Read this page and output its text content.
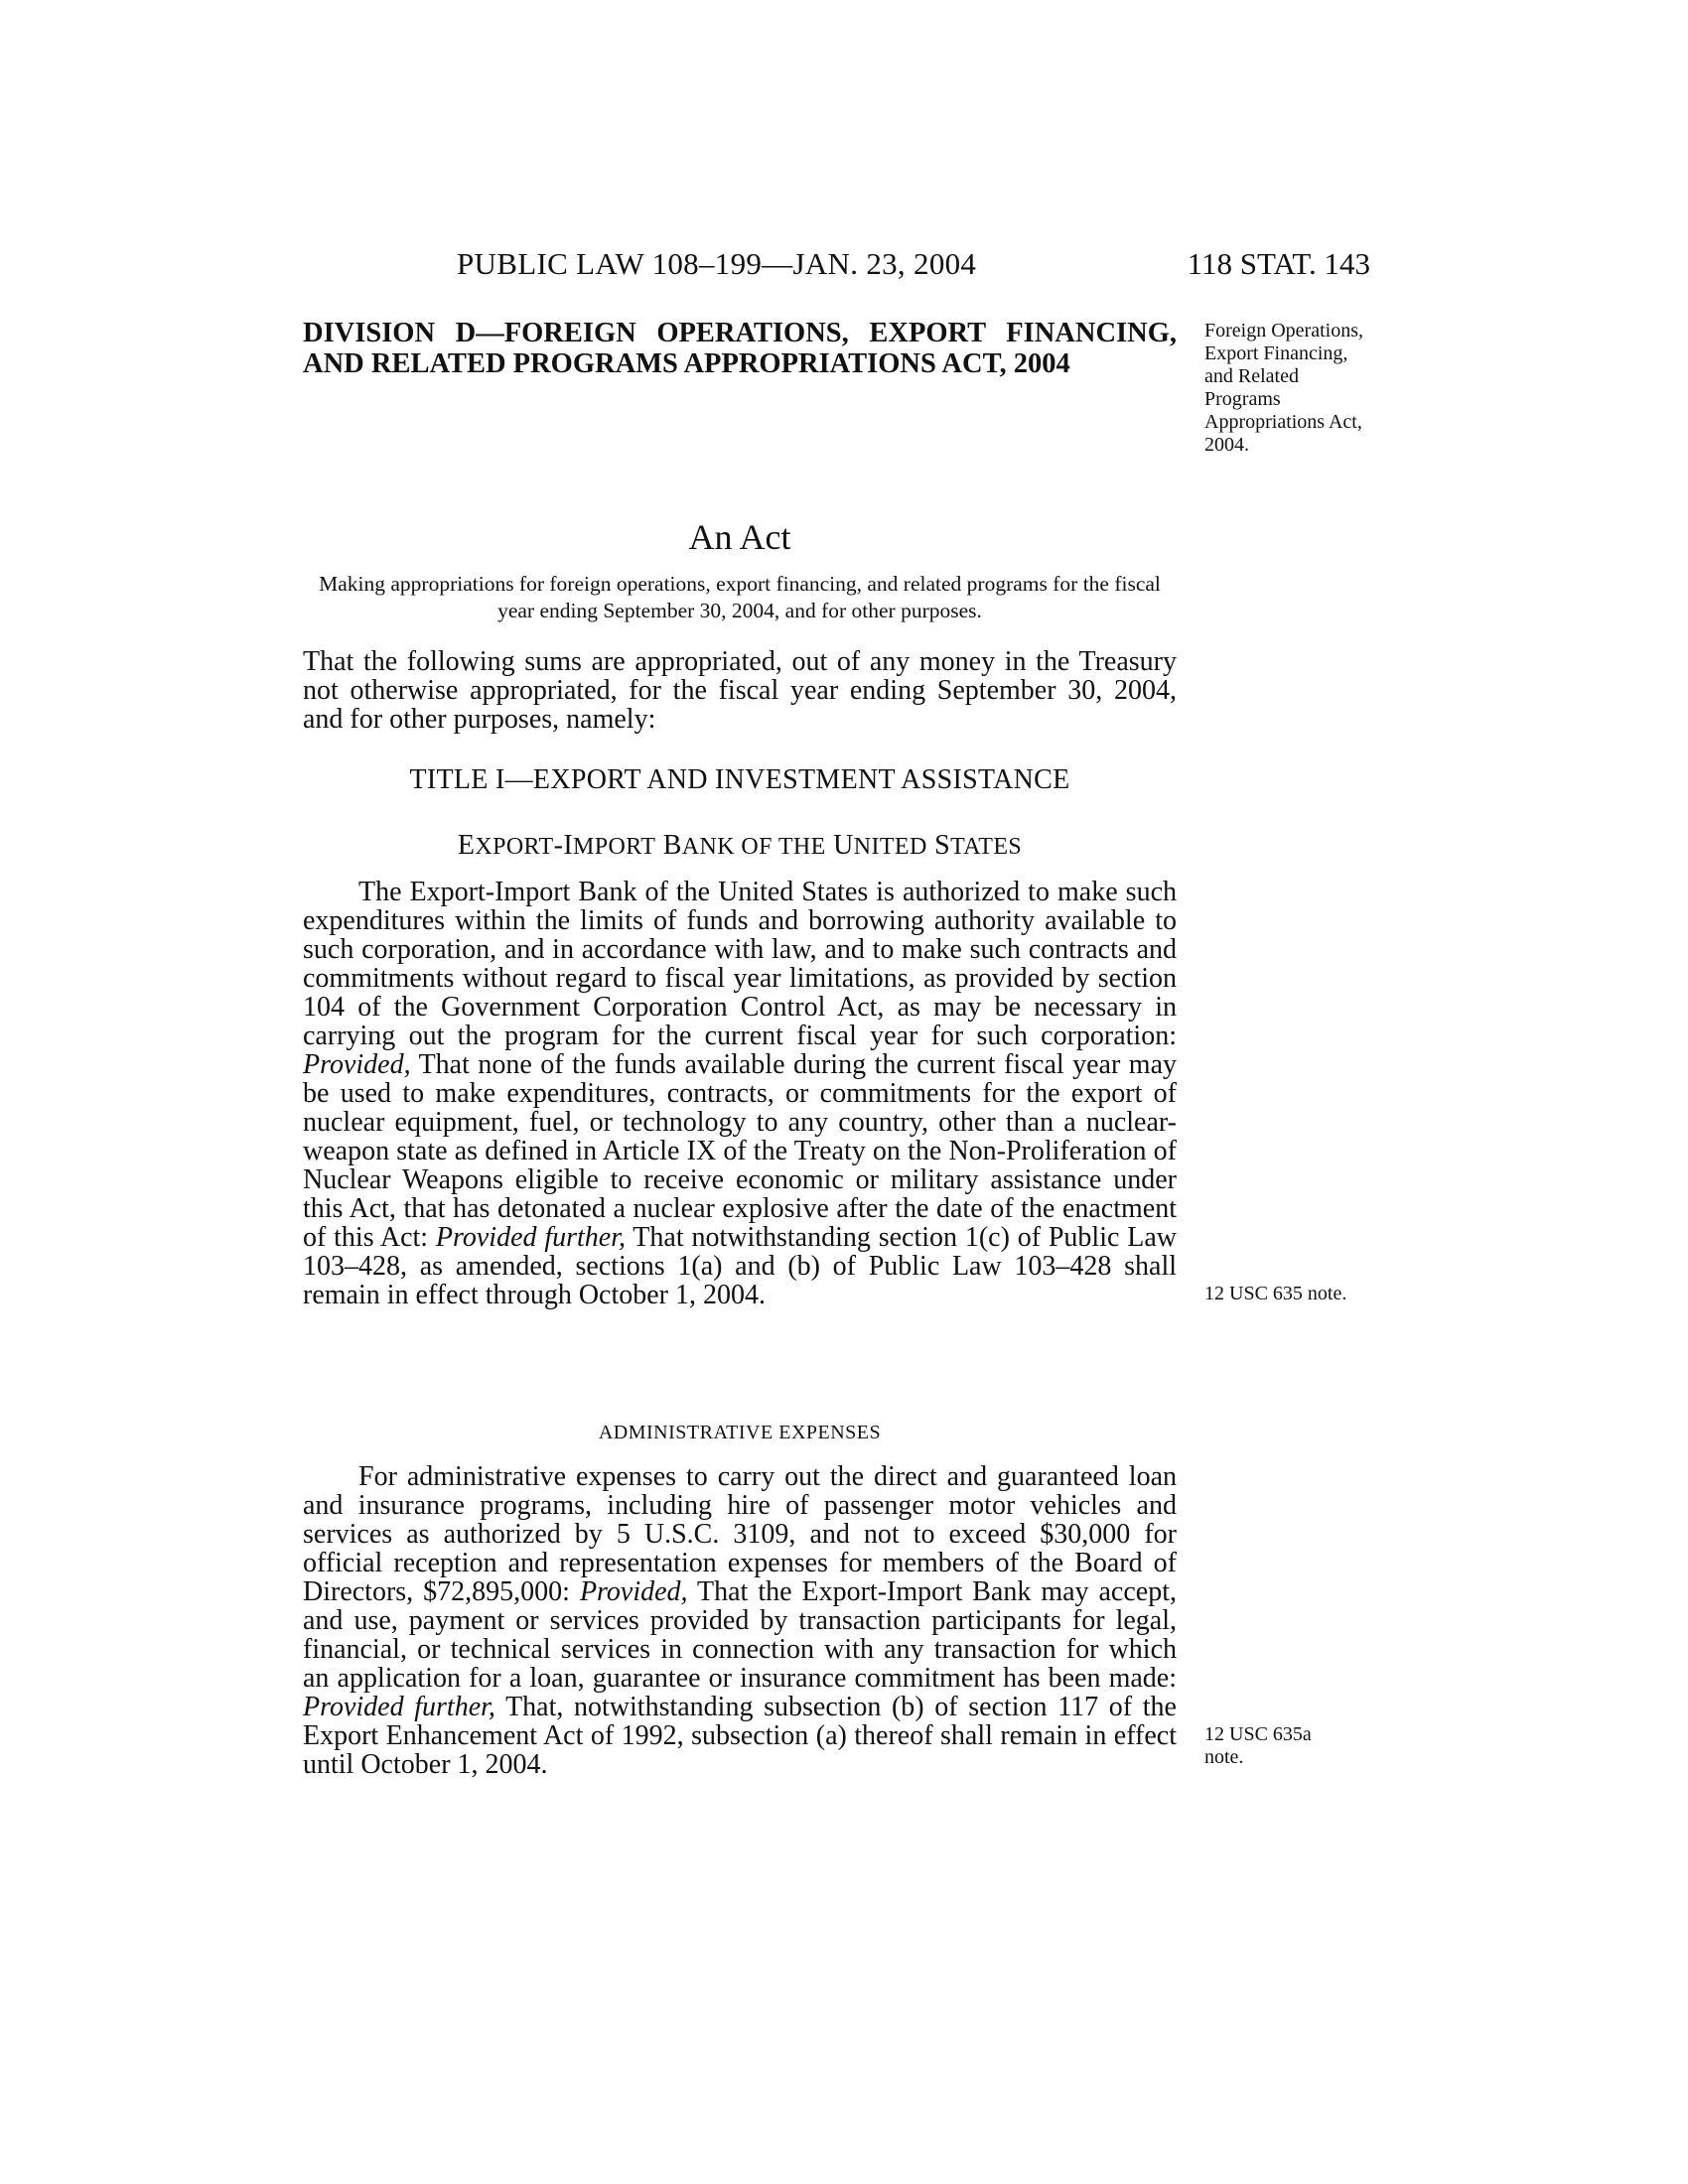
PUBLIC LAW 108–199—JAN. 23, 2004	118 STAT. 143
DIVISION D—FOREIGN OPERATIONS, EXPORT FINANCING, AND RELATED PROGRAMS APPROPRIATIONS ACT, 2004
Foreign Operations, Export Financing, and Related Programs Appropriations Act, 2004.
An Act
Making appropriations for foreign operations, export financing, and related programs for the fiscal year ending September 30, 2004, and for other purposes.

That the following sums are appropriated, out of any money in the Treasury not otherwise appropriated, for the fiscal year ending September 30, 2004, and for other purposes, namely:

TITLE I—EXPORT AND INVESTMENT ASSISTANCE
EXPORT-IMPORT BANK OF THE UNITED STATES

The Export-Import Bank of the United States is authorized to make such expenditures within the limits of funds and borrowing authority available to such corporation, and in accordance with law, and to make such contracts and commitments without regard to fiscal year limitations, as provided by section 104 of the Government Corporation Control Act, as may be necessary in carrying out the program for the current fiscal year for such corporation: Provided, That none of the funds available during the current fiscal year may be used to make expenditures, contracts, or commitments for the export of nuclear equipment, fuel, or technology to any country, other than a nuclear-weapon state as defined in Article IX of the Treaty on the Non-Proliferation of Nuclear Weapons eligible to receive economic or military assistance under this Act, that has detonated a nuclear explosive after the date of the enactment of this Act: Provided further, That notwithstanding section 1(c) of Public Law 103–428, as amended, sections 1(a) and (b) of Public Law 103–428 shall remain in effect through October 1, 2004.	12 USC 635 note.
ADMINISTRATIVE EXPENSES

For administrative expenses to carry out the direct and guaranteed loan and insurance programs, including hire of passenger motor vehicles and services as authorized by 5 U.S.C. 3109, and not to exceed $30,000 for official reception and representation expenses for members of the Board of Directors, $72,895,000: Provided, That the Export-Import Bank may accept, and use, payment or services provided by transaction participants for legal, financial, or technical services in connection with any transaction for which an application for a loan, guarantee or insurance commitment has been made: Provided further, That, notwithstanding subsection (b) of section 117 of the Export Enhancement Act of 1992, subsection (a) thereof shall remain in effect until October 1, 2004.

12 USC 635a note.
